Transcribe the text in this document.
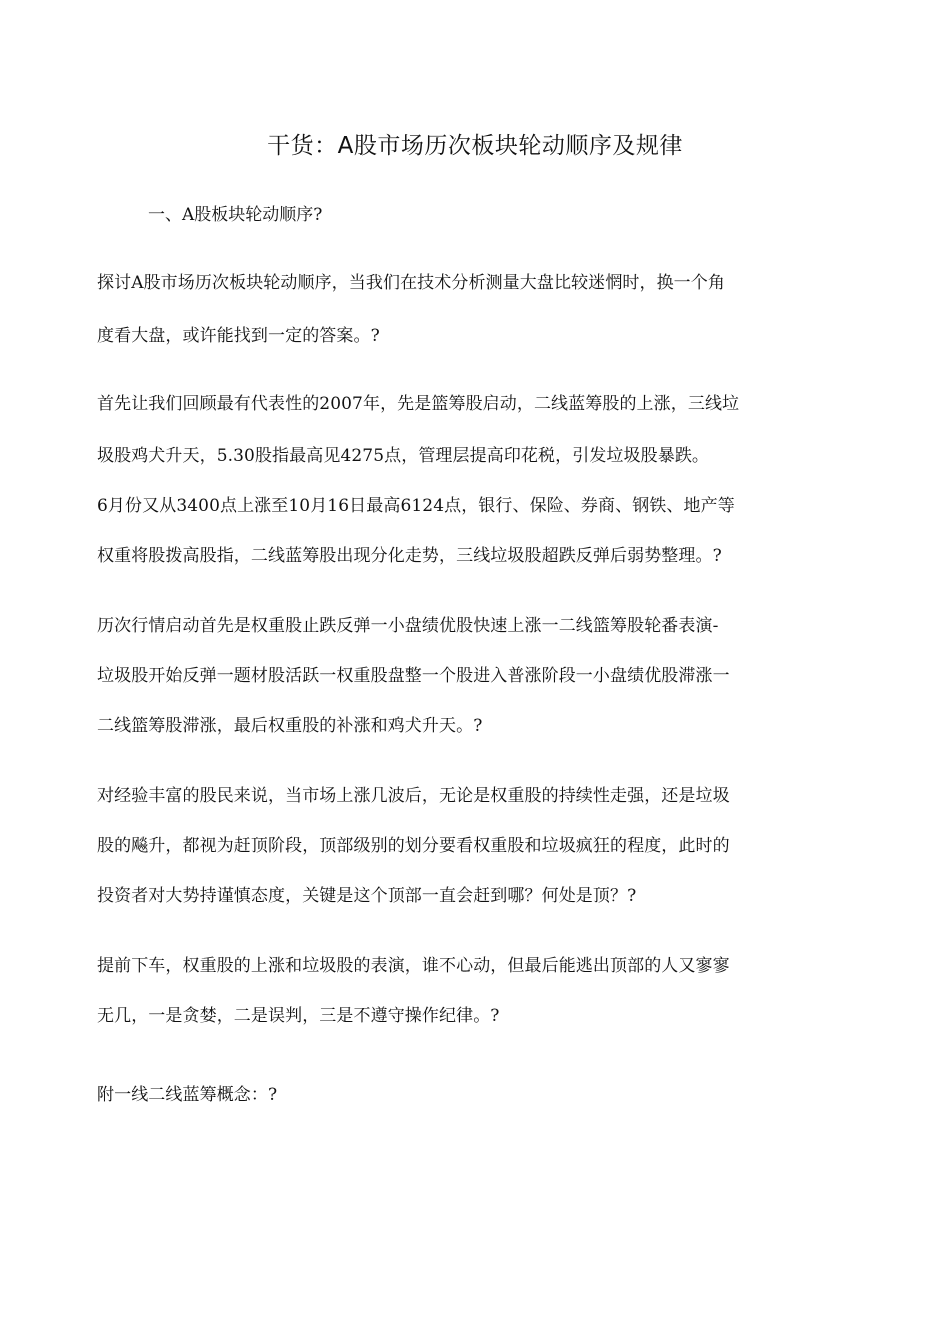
干货：A股市场历次板块轮动顺序及规律

一、A股板块轮动顺序?

探讨A股市场历次板块轮动顺序，当我们在技术分析测量大盘比较迷惘时，换一个角

度看大盘，或许能找到一定的答案。?

首先让我们回顾最有代表性的2007年，先是篮筹股启动，二线蓝筹股的上涨，三线垃

圾股鸡犬升天，5.30股指最高见4275点，管理层提高印花税，引发垃圾股暴跌。

6月份又从3400点上涨至10月16日最高6124点，银行、保险、券商、钢铁、地产等

权重将股拨高股指，二线蓝筹股出现分化走势，三线垃圾股超跌反弹后弱势整理。?

历次行情启动首先是权重股止跌反弹一小盘绩优股快速上涨一二线篮筹股轮番表演-

垃圾股开始反弹一题材股活跃一权重股盘整一个股进入普涨阶段一小盘绩优股滞涨一

二线篮筹股滞涨，最后权重股的补涨和鸡犬升天。?

对经验丰富的股民来说，当市场上涨几波后，无论是权重股的持续性走强，还是垃圾

股的飚升，都视为赶顶阶段，顶部级别的划分要看权重股和垃圾疯狂的程度，此时的

投资者对大势持谨慎态度，关键是这个顶部一直会赶到哪？何处是顶？?

提前下车，权重股的上涨和垃圾股的表演，谁不心动，但最后能逃出顶部的人又寥寥

无几，一是贪婪，二是误判，三是不遵守操作纪律。?

附一线二线蓝筹概念：?
